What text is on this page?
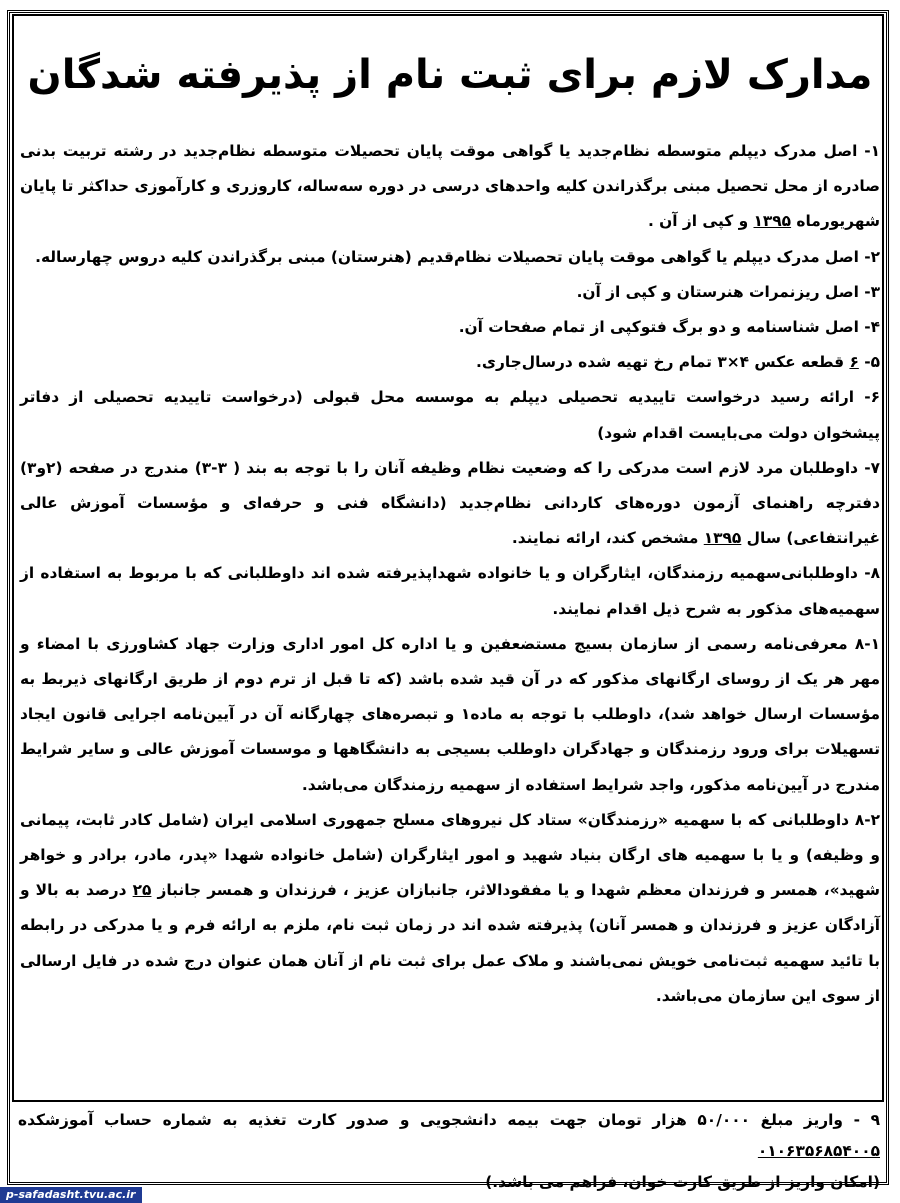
مدارک لازم برای ثبت نام از پذیرفته شدگان

۱- اصل مدرک دیپلم متوسطه نظام‌جدید یا گواهی موقت پایان تحصیلات متوسطه نظام‌جدید در رشته تربیت بدنی صادره از محل تحصیل مبنی برگذراندن کلیه واحدهای درسی در دوره سه‌ساله، کاروزری و کارآموزی حداکثر تا پایان شهریورماه ۱۳۹۵ و کپی از آن .

۲- اصل مدرک دیپلم یا گواهی موقت پایان تحصیلات نظام‌قدیم (هنرستان) مبنی برگذراندن کلیه دروس چهارساله.

۳- اصل ریزنمرات هنرستان و کپی از آن.

۴- اصل شناسنامه و دو برگ فتوکپی از تمام صفحات آن.

۵- ۶ قطعه عکس ۴×۳ تمام رخ تهیه شده درسال‌جاری.

۶- ارائه رسید درخواست تاییدیه تحصیلی دیپلم به موسسه محل قبولی (درخواست تاییدیه تحصیلی از دفاتر پیشخوان دولت می‌بایست اقدام شود)

۷- داوطلبان مرد لازم است مدرکی را که وضعیت نظام وظیفه آنان را با توجه به بند ( ۳-۳) مندرج در صفحه (۲و۳) دفترچه راهنمای آزمون دوره‌های کاردانی نظام‌جدید (دانشگاه فنی و حرفه‌ای و مؤسسات آموزش عالی غیرانتفاعی) سال ۱۳۹۵ مشخص کند، ارائه نمایند.

۸- داوطلبانی‌سهمیه رزمندگان، ایثارگران و یا خانواده شهداپذیرفته شده اند داوطلبانی که با مربوط به استفاده از سهمیه‌های مذکور به شرح ذیل اقدام نمایند.

۸-۱ معرفی‌نامه رسمی از سازمان بسیج مستضعفین و یا اداره کل امور اداری وزارت جهاد کشاورزی با امضاء و مهر هر یک از روسای ارگانهای مذکور که در آن قید شده باشد (که تا قبل از ترم دوم از طریق ارگانهای ذیربط به مؤسسات ارسال خواهد شد)، داوطلب با توجه به ماده۱ و تبصره‌های چهارگانه آن در آیین‌نامه اجرایی قانون ایجاد تسهیلات برای ورود رزمندگان و جهادگران داوطلب بسیجی به دانشگاهها و موسسات آموزش عالی و سایر شرایط مندرج در آیین‌نامه مذکور، واجد شرایط استفاده از سهمیه رزمندگان می‌باشد.

۸-۲ داوطلبانی که با سهمیه «رزمندگان» ستاد کل نیروهای مسلح جمهوری اسلامی ایران (شامل کادر ثابت، پیمانی و وظیفه) و یا با سهمیه های ارگان بنیاد شهید و امور ایثارگران (شامل خانواده شهدا «پدر، مادر، برادر و خواهر شهید»، همسر و فرزندان معظم شهدا و یا مفقودالاثر، جانبازان عزیز ، فرزندان و همسر جانباز ۲۵ درصد به بالا و آزادگان عزیز و فرزندان و همسر آنان) پذیرفته شده اند در زمان ثبت نام، ملزم به ارائه فرم و یا مدرکی در رابطه با تائید سهمیه ثبت‌نامی خویش نمی‌باشند و ملاک عمل برای ثبت نام از آنان همان عنوان درج شده در فایل ارسالی از سوی این سازمان می‌باشد.

۹ - واریز مبلغ ۵۰/۰۰۰ هزار تومان جهت بیمه دانشجویی و صدور کارت تغذیه به شماره حساب آموزشکده ۰۱۰۶۳۵۶۸۵۴۰۰۵

(امکان واریز از طریق کارت خوان، فراهم می باشد.)

p-safadasht.tvu.ac.ir
